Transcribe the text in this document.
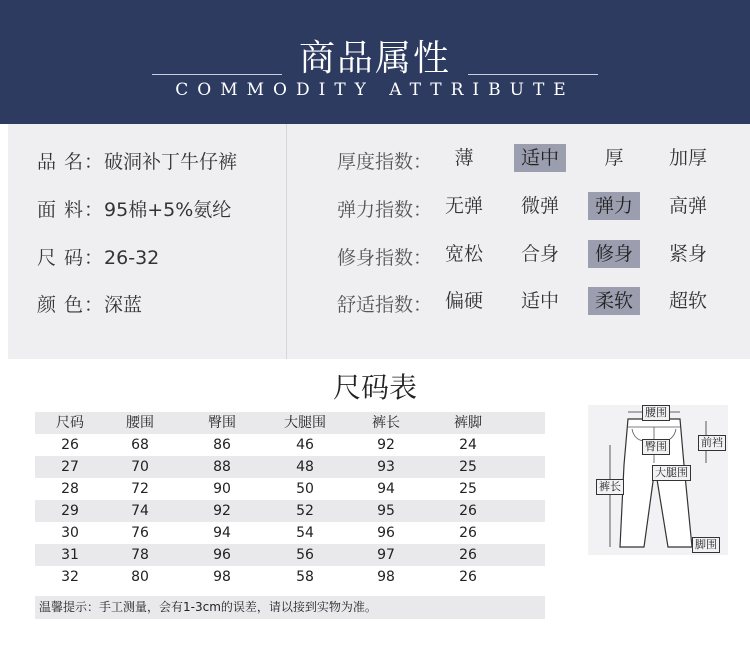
商品属性
COMMODITY ATTRIBUTE
品 名：破洞补丁牛仔裤
面 料：95棉+5%氨纶
尺 码：26-32
颜 色：深蓝
厚度指数：	薄	适中	厚	加厚
弹力指数： 无弹	微弹	弹力	高弹
修身指数： 宽松	合身	修身	紧身
舒适指数： 偏硬	适中	柔软	超软
尺码表
尺码	腰围	臀围	大腿围	裤长	裤脚
26	68	86	46	92	24
27	70	88	48	93	25
28	72	90	50	94	25
29	74	92	52	95	26
30	76	94	54	96	26
31	78	96	56	97	26
32	80	98	58	98	26
温馨提示：手工测量，会有1-3cm的误差，请以接到实物为准。
腰围
前裆
臀围
大腿围
裤长
脚围
